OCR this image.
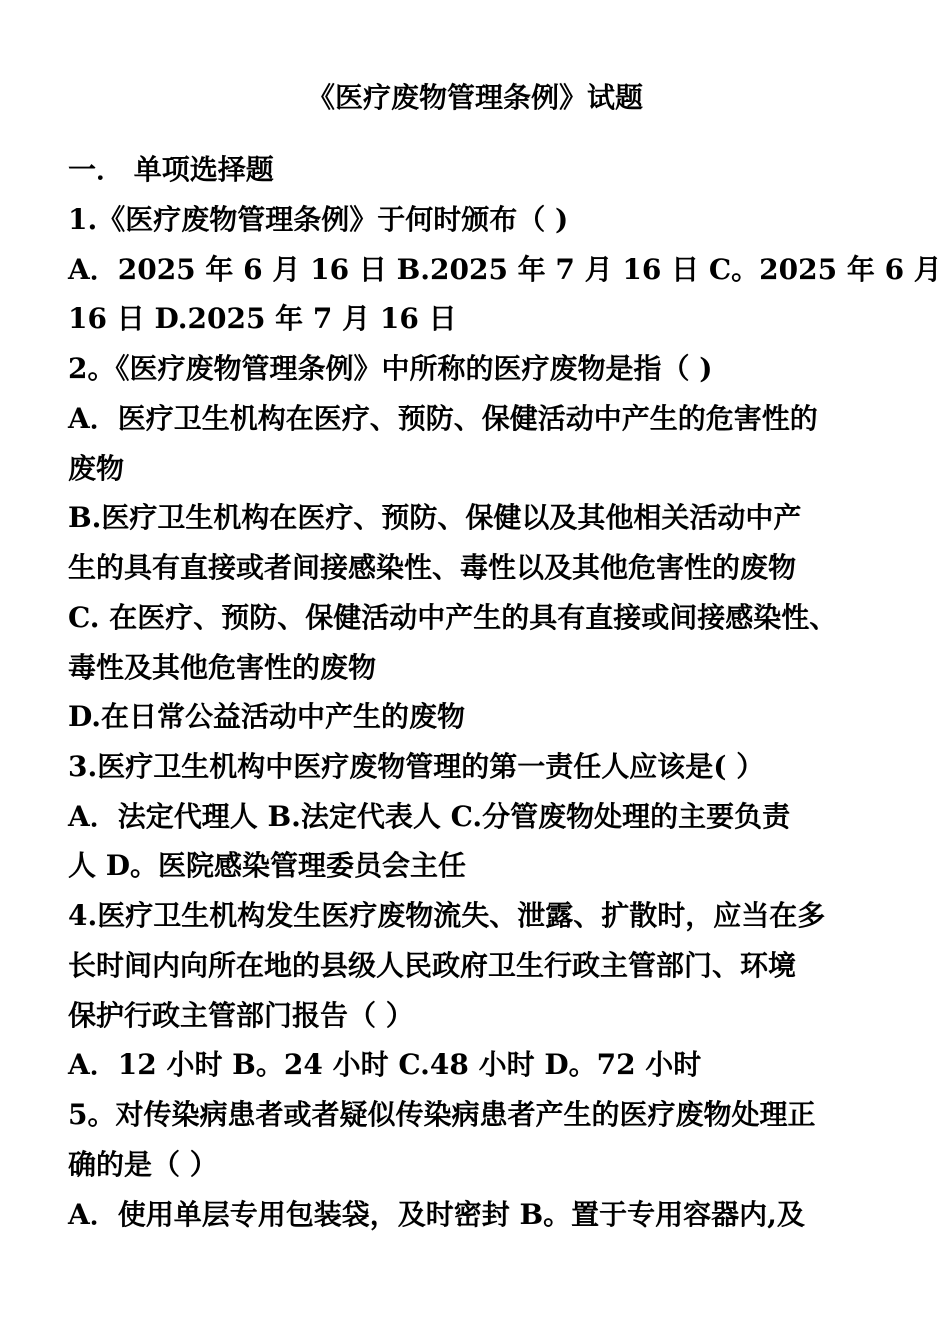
《医疗废物管理条例》试题
一． 单项选择题
1.《医疗废物管理条例》于何时颁布（ )
A．2025 年 6 月 16 日 B.2025 年 7 月 16 日 C。2025 年 6 月
16 日 D.2025 年 7 月 16 日
2。《医疗废物管理条例》中所称的医疗废物是指（ )
A．医疗卫生机构在医疗、预防、保健活动中产生的危害性的
废物
B.医疗卫生机构在医疗、预防、保健以及其他相关活动中产
生的具有直接或者间接感染性、毒性以及其他危害性的废物
C. 在医疗、预防、保健活动中产生的具有直接或间接感染性、
毒性及其他危害性的废物
D.在日常公益活动中产生的废物
3.医疗卫生机构中医疗废物管理的第一责任人应该是( ）
A．法定代理人 B.法定代表人 C.分管废物处理的主要负责
人 D。医院感染管理委员会主任
4.医疗卫生机构发生医疗废物流失、泄露、扩散时，应当在多
长时间内向所在地的县级人民政府卫生行政主管部门、环境
保护行政主管部门报告（ ）
A．12 小时 B。24 小时 C.48 小时 D。72 小时
5。对传染病患者或者疑似传染病患者产生的医疗废物处理正
确的是（ ）
A．使用单层专用包装袋，及时密封 B。置于专用容器内,及
